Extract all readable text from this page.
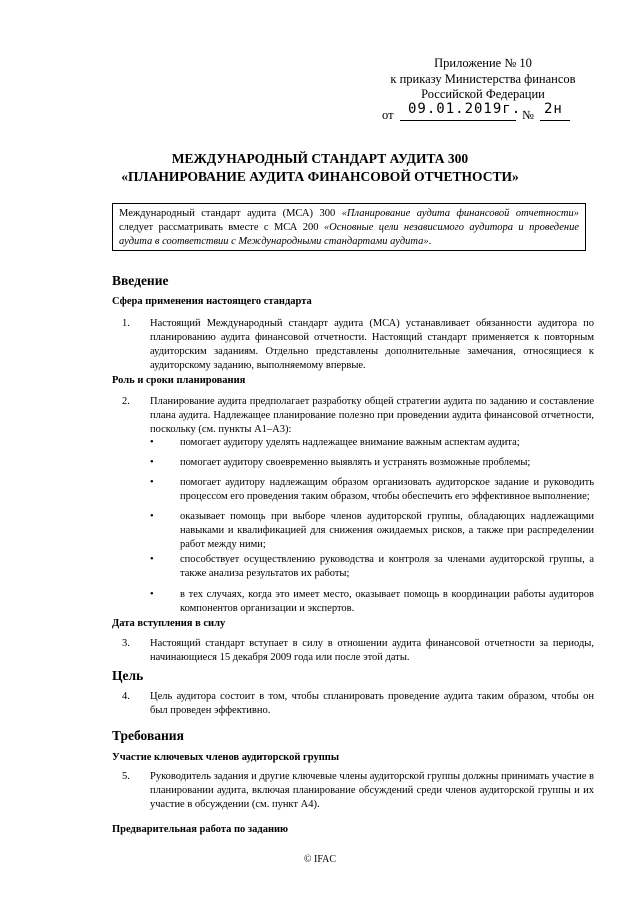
Приложение № 10
к приказу Министерства финансов
Российской Федерации
от 09.01.2019г. № 2н
МЕЖДУНАРОДНЫЙ СТАНДАРТ АУДИТА 300
«ПЛАНИРОВАНИЕ АУДИТА ФИНАНСОВОЙ ОТЧЕТНОСТИ»
Международный стандарт аудита (МСА) 300 «Планирование аудита финансовой отчетности» следует рассматривать вместе с МСА 200 «Основные цели независимого аудитора и проведение аудита в соответствии с Международными стандартами аудита».
Введение
Сфера применения настоящего стандарта
1. Настоящий Международный стандарт аудита (МСА) устанавливает обязанности аудитора по планированию аудита финансовой отчетности. Настоящий стандарт применяется к повторным аудиторским заданиям. Отдельно представлены дополнительные замечания, относящиеся к аудиторскому заданию, выполняемому впервые.
Роль и сроки планирования
2. Планирование аудита предполагает разработку общей стратегии аудита по заданию и составление плана аудита. Надлежащее планирование полезно при проведении аудита финансовой отчетности, поскольку (см. пункты A1–A3):
•	помогает аудитору уделять надлежащее внимание важным аспектам аудита;
•	помогает аудитору своевременно выявлять и устранять возможные проблемы;
•	помогает аудитору надлежащим образом организовать аудиторское задание и руководить процессом его проведения таким образом, чтобы обеспечить его эффективное выполнение;
•	оказывает помощь при выборе членов аудиторской группы, обладающих надлежащими навыками и квалификацией для снижения ожидаемых рисков, а также при распределении работ между ними;
•	способствует осуществлению руководства и контроля за членами аудиторской группы, а также анализа результатов их работы;
•	в тех случаях, когда это имеет место, оказывает помощь в координации работы аудиторов компонентов организации и экспертов.
Дата вступления в силу
3. Настоящий стандарт вступает в силу в отношении аудита финансовой отчетности за периоды, начинающиеся 15 декабря 2009 года или после этой даты.
Цель
4. Цель аудитора состоит в том, чтобы спланировать проведение аудита таким образом, чтобы он был проведен эффективно.
Требования
Участие ключевых членов аудиторской группы
5. Руководитель задания и другие ключевые члены аудиторской группы должны принимать участие в планировании аудита, включая планирование обсуждений среди членов аудиторской группы и их участие в обсуждении (см. пункт A4).
Предварительная работа по заданию
© IFAC
